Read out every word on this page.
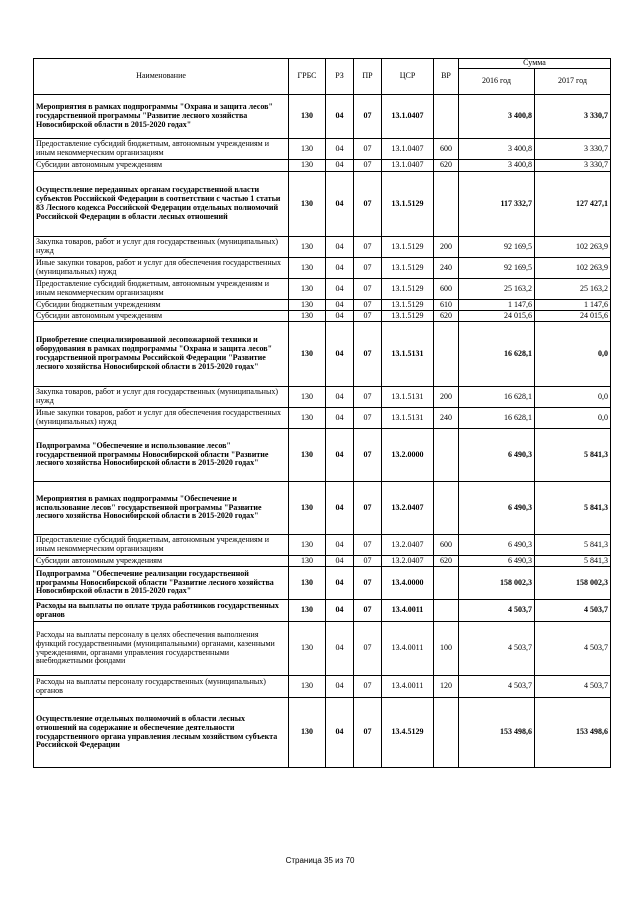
Наименование	ГРБС	РЗ	ПР	ЦСР	ВР	Сумма	
						2016 год	2017 год
Мероприятия в рамках подпрограммы "Охрана и защита лесов" государственной программы "Развитие лесного хозяйства Новосибирской области в 2015-2020 годах"	130	04	07	13.1.0407		3 400,8	3 330,7
Предоставление субсидий бюджетным, автономным учреждениям и иным некоммерческим организациям	130	04	07	13.1.0407	600	3 400,8	3 330,7
Субсидии автономным учреждениям	130	04	07	13.1.0407	620	3 400,8	3 330,7
Осуществление переданных органам государственной власти субъектов Российской Федерации в соответствии с частью 1 статьи 83 Лесного кодекса Российской Федерации отдельных полномочий Российской Федерации в области лесных отношений	130	04	07	13.1.5129		117 332,7	127 427,1
Закупка товаров, работ и услуг для государственных (муниципальных) нужд	130	04	07	13.1.5129	200	92 169,5	102 263,9
Иные закупки товаров, работ и услуг для обеспечения государственных (муниципальных) нужд	130	04	07	13.1.5129	240	92 169,5	102 263,9
Предоставление субсидий бюджетным, автономным учреждениям и иным некоммерческим организациям	130	04	07	13.1.5129	600	25 163,2	25 163,2
Субсидии бюджетным учреждениям	130	04	07	13.1.5129	610	1 147,6	1 147,6
Субсидии автономным учреждениям	130	04	07	13.1.5129	620	24 015,6	24 015,6
Приобретение специализированной лесопожарной техники и оборудования в рамках подпрограммы "Охрана и защита лесов" государственной программы Российской Федерации "Развитие лесного хозяйства Новосибирской области в 2015-2020 годах"	130	04	07	13.1.5131		16 628,1	0,0
Закупка товаров, работ и услуг для государственных (муниципальных) нужд	130	04	07	13.1.5131	200	16 628,1	0,0
Иные закупки товаров, работ и услуг для обеспечения государственных (муниципальных) нужд	130	04	07	13.1.5131	240	16 628,1	0,0
Подпрограмма "Обеспечение и использование лесов" государственной программы Новосибирской области "Развитие лесного хозяйства Новосибирской области в 2015-2020 годах"	130	04	07	13.2.0000		6 490,3	5 841,3
Мероприятия в рамках подпрограммы "Обеспечение и использование лесов" государственной программы "Развитие лесного хозяйства Новосибирской области в 2015-2020 годах"	130	04	07	13.2.0407		6 490,3	5 841,3
Предоставление субсидий бюджетным, автономным учреждениям и иным некоммерческим организациям	130	04	07	13.2.0407	600	6 490,3	5 841,3
Субсидии автономным учреждениям	130	04	07	13.2.0407	620	6 490,3	5 841,3
Подпрограмма "Обеспечение реализации государственной программы Новосибирской области "Развитие лесного хозяйства Новосибирской области в 2015-2020 годах"	130	04	07	13.4.0000		158 002,3	158 002,3
Расходы на выплаты по оплате труда работников государственных органов	130	04	07	13.4.0011		4 503,7	4 503,7
Расходы на выплаты персоналу в целях обеспечения выполнения функций государственными (муниципальными) органами, казенными учреждениями, органами управления государственными внебюджетными фондами	130	04	07	13.4.0011	100	4 503,7	4 503,7
Расходы на выплаты персоналу государственных (муниципальных) органов	130	04	07	13.4.0011	120	4 503,7	4 503,7
Осуществление отдельных полномочий в области лесных отношений на содержание и обеспечение деятельности государственного органа управления лесным хозяйством субъекта Российской Федерации	130	04	07	13.4.5129		153 498,6	153 498,6
Страница 35 из 70
